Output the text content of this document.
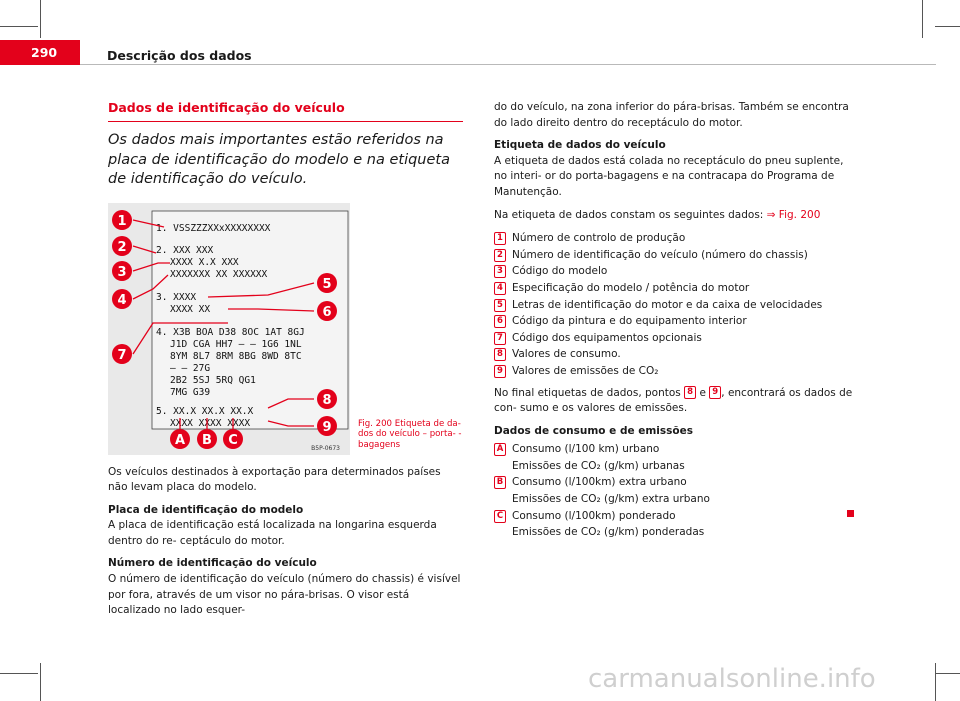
290	Descrição dos dados
Dados de identificação do veículo
Os dados mais importantes estão referidos na placa de identificação do modelo e na etiqueta de identificação do veículo.
1. VSSZZZXXxXXXXXXXX
2. XXX XXX
XXXX X.X XXX
XXXXXXX XX XXXXXX
3. XXXX
XXXX XX
4. X3B BOA D38 8OC 1AT 8GJ
J1D CGA HH7 – – 1G6 1NL
8YM 8L7 8RM 8BG 8WD 8TC
– – 27G
2B2 5SJ 5RQ QG1
7MG G39
5. XX.X XX.X XX.X
XXXX XXXX XXXX
1
2
3
4
5
6
7
8
9
A B C
B5P-0673
Fig. 200 Etiqueta de da- dos do veículo – porta- -bagagens

Os veículos destinados à exportação para determinados países não levam placa do modelo.

Placa de identificação do modelo

A placa de identificação está localizada na longarina esquerda dentro do re- ceptáculo do motor.

Número de identificação do veículo

O número de identificação do veículo (número do chassis) é visível por fora, através de um visor no pára-brisas. O visor está localizado no lado esquer-

do do veículo, na zona inferior do pára-brisas. Também se encontra do lado direito dentro do receptáculo do motor.

Etiqueta de dados do veículo

A etiqueta de dados está colada no receptáculo do pneu suplente, no interi- or do porta-bagagens e na contracapa do Programa de Manutenção.

Na etiqueta de dados constam os seguintes dados: ⇒ Fig. 200

1 Número de controlo de produção
2 Número de identificação do veículo (número do chassis)
3 Código do modelo
4 Especificação do modelo / potência do motor
5 Letras de identificação do motor e da caixa de velocidades
6 Código da pintura e do equipamento interior
7 Código dos equipamentos opcionais
8 Valores de consumo.
9 Valores de emissões de CO₂

No final etiquetas de dados, pontos 8 e 9 , encontrará os dados de con- sumo e os valores de emissões.

Dados de consumo e de emissões
A Consumo (l/100 km) urbano
Emissões de CO₂ (g/km) urbanas
B Consumo (l/100km) extra urbano
Emissões de CO₂ (g/km) extra urbano
C Consumo (l/100km) ponderado
Emissões de CO₂ (g/km) ponderadas
carmanualsonline.info
